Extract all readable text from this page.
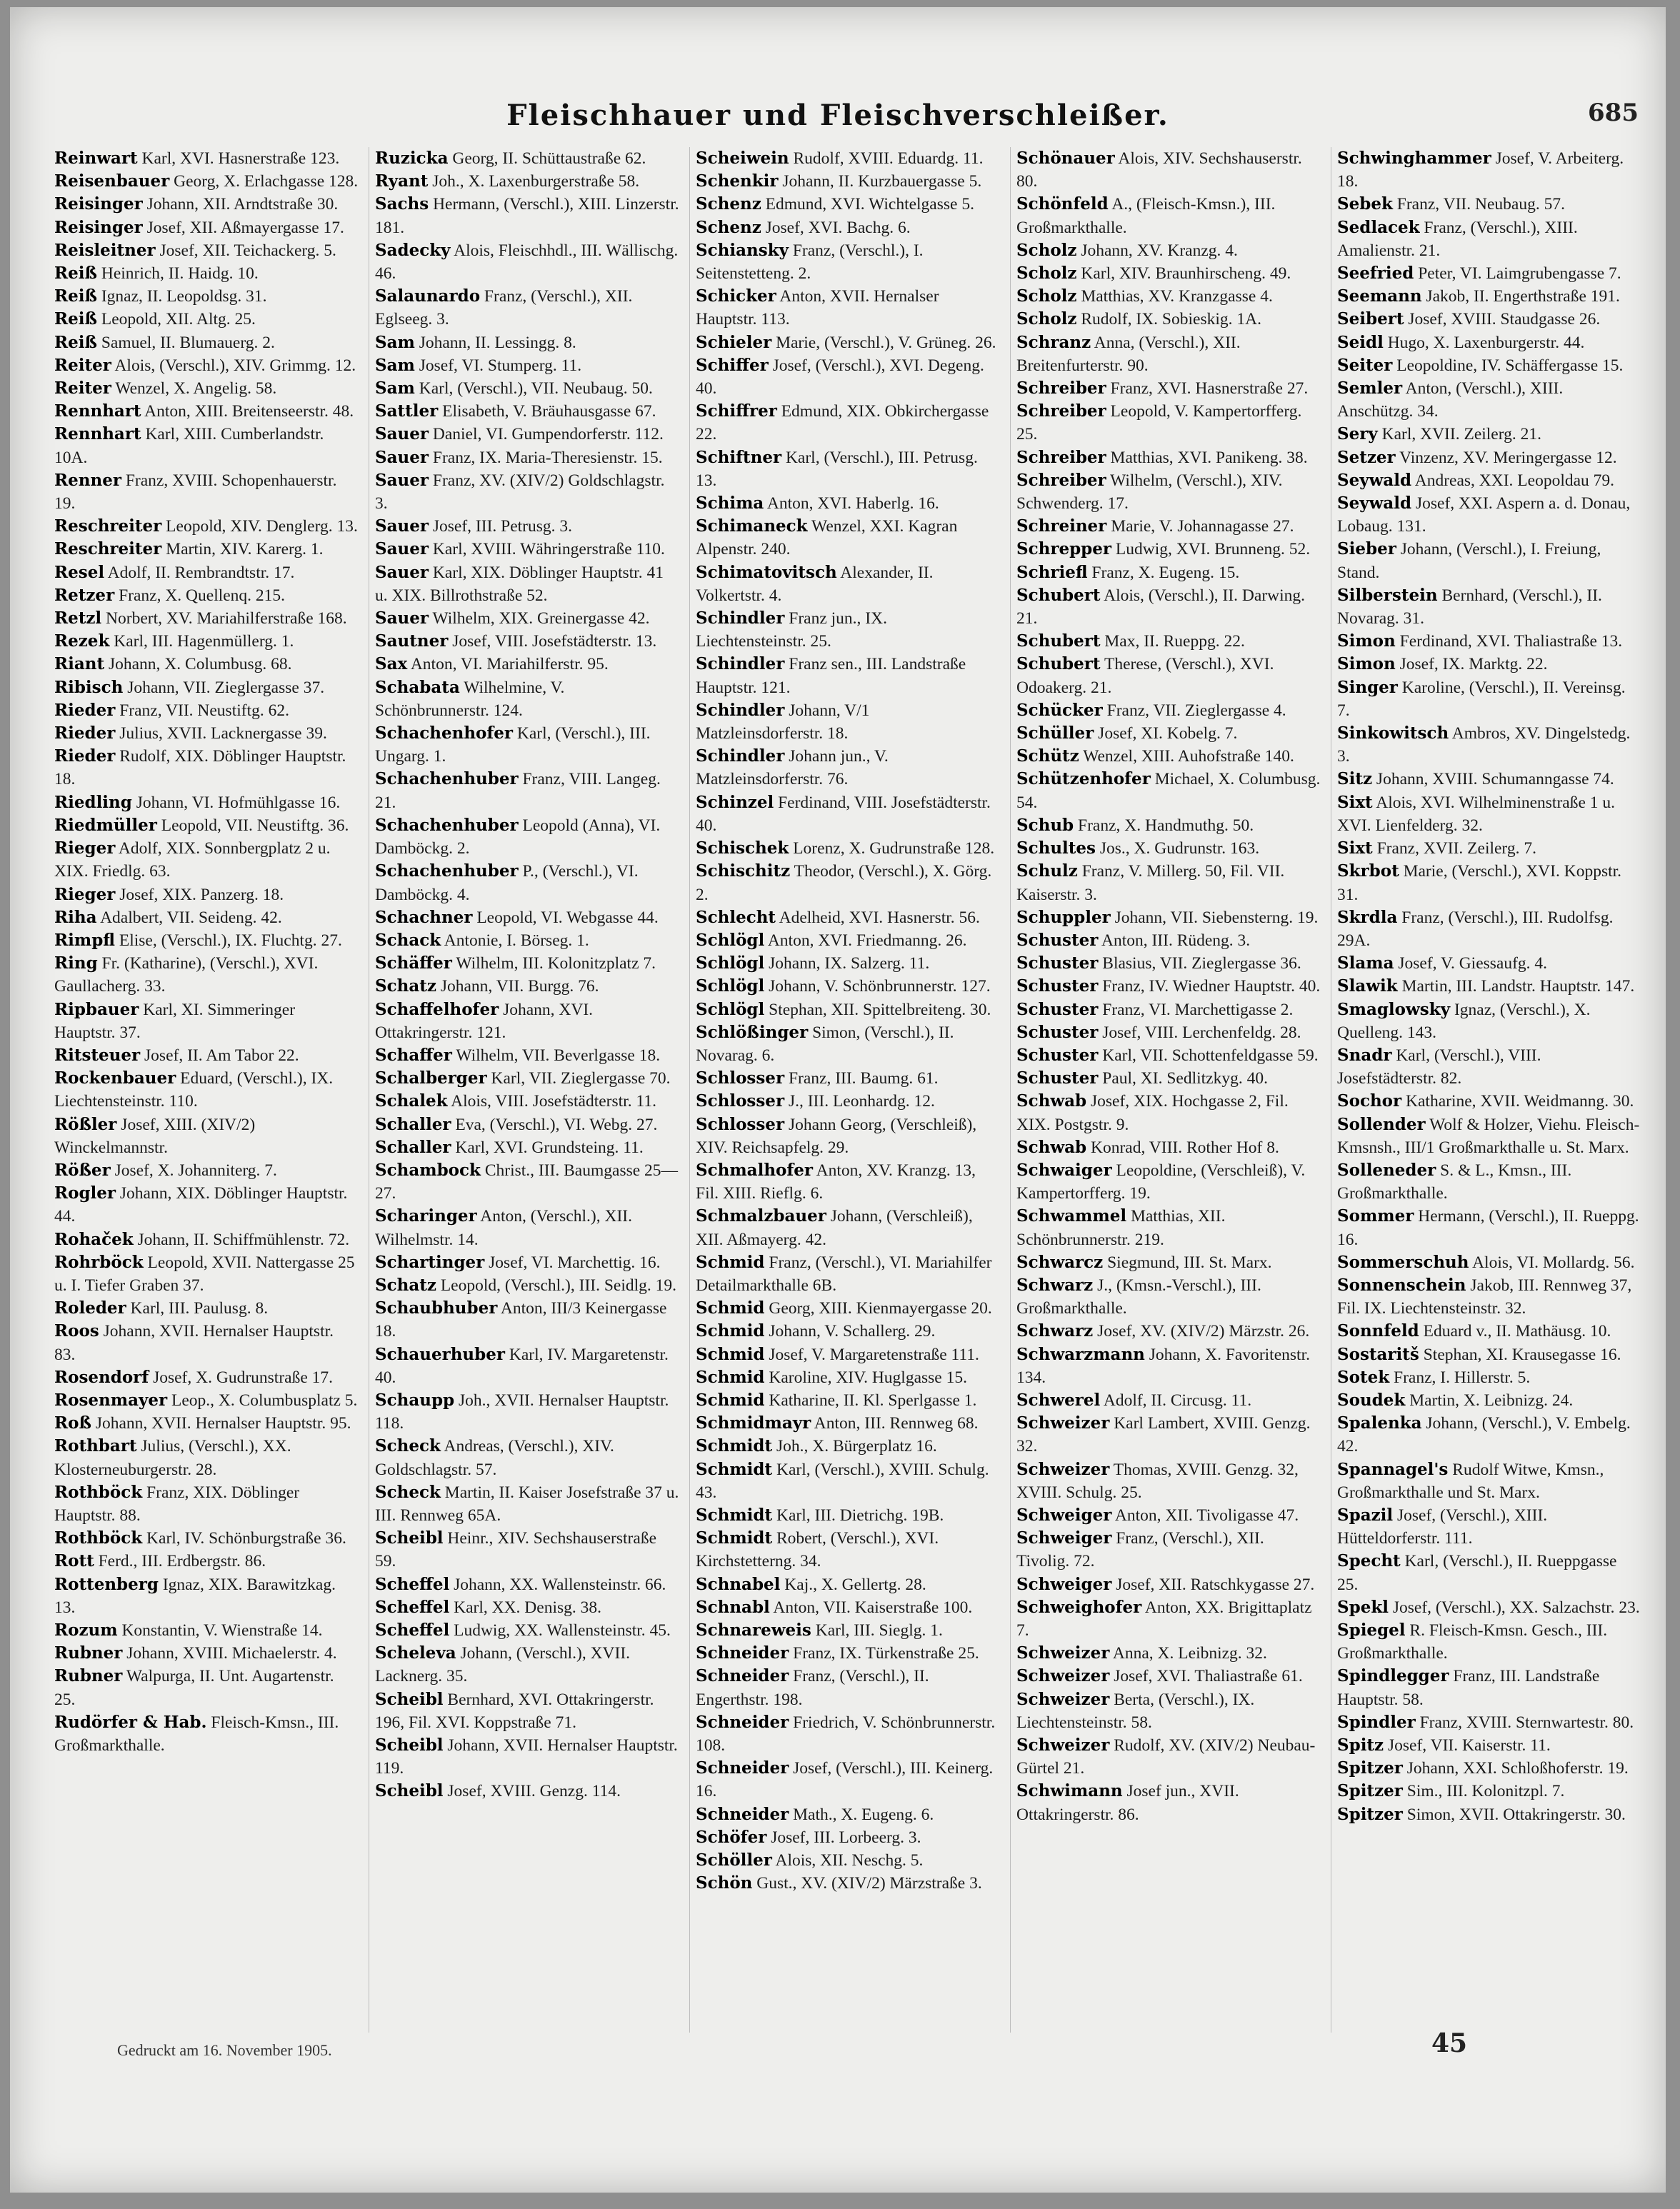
Fleischhauer und Fleischverschleißer.	685

Reinwart Karl, XVI. Hasnerstraße 123.

Reisenbauer Georg, X. Erlachgasse 128.

Reisinger Johann, XII. Arndtstraße 30.

Reisinger Josef, XII. Aßmayergasse 17.

Reisleitner Josef, XII. Teichackerg. 5.

Reiß Heinrich, II. Haidg. 10.

Reiß Ignaz, II. Leopoldsg. 31.

Reiß Leopold, XII. Altg. 25.

Reiß Samuel, II. Blumauerg. 2.

Reiter Alois, (Verschl.), XIV. Grimmg. 12.

Reiter Wenzel, X. Angelig. 58.

Rennhart Anton, XIII. Breitenseerstr. 48.

Rennhart Karl, XIII. Cumberlandstr. 10A.

Renner Franz, XVIII. Schopenhauerstr. 19.

Reschreiter Leopold, XIV. Denglerg. 13.

Reschreiter Martin, XIV. Karerg. 1.

Resel Adolf, II. Rembrandtstr. 17.

Retzer Franz, X. Quellenq. 215.

Retzl Norbert, XV. Mariahilferstraße 168.

Rezek Karl, III. Hagenmüllerg. 1.

Riant Johann, X. Columbusg. 68.

Ribisch Johann, VII. Zieglergasse 37.

Rieder Franz, VII. Neustiftg. 62.

Rieder Julius, XVII. Lacknergasse 39.

Rieder Rudolf, XIX. Döblinger Hauptstr. 18.

Riedling Johann, VI. Hofmühlgasse 16.

Riedmüller Leopold, VII. Neustiftg. 36.

Rieger Adolf, XIX. Sonnbergplatz 2 u. XIX. Friedlg. 63.

Rieger Josef, XIX. Panzerg. 18.

Riha Adalbert, VII. Seideng. 42.

Rimpfl Elise, (Verschl.), IX. Fluchtg. 27.

Ring Fr. (Katharine), (Verschl.), XVI. Gaullacherg. 33.

Ripbauer Karl, XI. Simmeringer Hauptstr. 37.

Ritsteuer Josef, II. Am Tabor 22.

Rockenbauer Eduard, (Verschl.), IX. Liechtensteinstr. 110.

Rößler Josef, XIII. (XIV/2) Winckelmannstr.

Rößer Josef, X. Johanniterg. 7.

Rogler Johann, XIX. Döblinger Hauptstr. 44.

Rohaček Johann, II. Schiffmühlenstr. 72.

Rohrböck Leopold, XVII. Nattergasse 25 u. I. Tiefer Graben 37.

Roleder Karl, III. Paulusg. 8.

Roos Johann, XVII. Hernalser Hauptstr. 83.

Rosendorf Josef, X. Gudrunstraße 17.

Rosenmayer Leop., X. Columbusplatz 5.

Roß Johann, XVII. Hernalser Hauptstr. 95.

Rothbart Julius, (Verschl.), XX. Klosterneuburgerstr. 28.

Rothböck Franz, XIX. Döblinger Hauptstr. 88.

Rothböck Karl, IV. Schönburgstraße 36.

Rott Ferd., III. Erdbergstr. 86.

Rottenberg Ignaz, XIX. Barawitzkag. 13.

Rozum Konstantin, V. Wienstraße 14.

Rubner Johann, XVIII. Michaelerstr. 4.

Rubner Walpurga, II. Unt. Augartenstr. 25.

Rudörfer & Hab. Fleisch-Kmsn., III. Großmarkthalle.

Ruzicka Georg, II. Schüttaustraße 62.

Ryant Joh., X. Laxenburgerstraße 58.

Sachs Hermann, (Verschl.), XIII. Linzerstr. 181.

Sadecky Alois, Fleischhdl., III. Wällischg. 46.

Salaunardo Franz, (Verschl.), XII. Eglseeg. 3.

Sam Johann, II. Lessingg. 8.

Sam Josef, VI. Stumperg. 11.

Sam Karl, (Verschl.), VII. Neubaug. 50.

Sattler Elisabeth, V. Bräuhausgasse 67.

Sauer Daniel, VI. Gumpendorferstr. 112.

Sauer Franz, IX. Maria-Theresienstr. 15.

Sauer Franz, XV. (XIV/2) Goldschlagstr. 3.

Sauer Josef, III. Petrusg. 3.

Sauer Karl, XVIII. Währingerstraße 110.

Sauer Karl, XIX. Döblinger Hauptstr. 41 u. XIX. Billrothstraße 52.

Sauer Wilhelm, XIX. Greinergasse 42.

Sautner Josef, VIII. Josefstädterstr. 13.

Sax Anton, VI. Mariahilferstr. 95.

Schabata Wilhelmine, V. Schönbrunnerstr. 124.

Schachenhofer Karl, (Verschl.), III. Ungarg. 1.

Schachenhuber Franz, VIII. Langeg. 21.

Schachenhuber Leopold (Anna), VI. Damböckg. 2.

Schachenhuber P., (Verschl.), VI. Damböckg. 4.

Schachner Leopold, VI. Webgasse 44.

Schack Antonie, I. Börseg. 1.

Schäffer Wilhelm, III. Kolonitzplatz 7.

Schatz Johann, VII. Burgg. 76.

Schaffelhofer Johann, XVI. Ottakringerstr. 121.

Schaffer Wilhelm, VII. Beverlgasse 18.

Schalberger Karl, VII. Zieglergasse 70.

Schalek Alois, VIII. Josefstädterstr. 11.

Schaller Eva, (Verschl.), VI. Webg. 27.

Schaller Karl, XVI. Grundsteing. 11.

Schambock Christ., III. Baumgasse 25—27.

Scharinger Anton, (Verschl.), XII. Wilhelmstr. 14.

Schartinger Josef, VI. Marchettig. 16.

Schatz Leopold, (Verschl.), III. Seidlg. 19.

Schaubhuber Anton, III/3 Keinergasse 18.

Schauerhuber Karl, IV. Margaretenstr. 40.

Schaupp Joh., XVII. Hernalser Hauptstr. 118.

Scheck Andreas, (Verschl.), XIV. Goldschlagstr. 57.

Scheck Martin, II. Kaiser Josefstraße 37 u. III. Rennweg 65A.

Scheibl Heinr., XIV. Sechshauserstraße 59.

Scheffel Johann, XX. Wallensteinstr. 66.

Scheffel Karl, XX. Denisg. 38.

Scheffel Ludwig, XX. Wallensteinstr. 45.

Scheleva Johann, (Verschl.), XVII. Lacknerg. 35.

Scheibl Bernhard, XVI. Ottakringerstr. 196, Fil. XVI. Koppstraße 71.

Scheibl Johann, XVII. Hernalser Hauptstr. 119.

Scheibl Josef, XVIII. Genzg. 114.

Scheiwein Rudolf, XVIII. Eduardg. 11.

Schenkir Johann, II. Kurzbauergasse 5.

Schenz Edmund, XVI. Wichtelgasse 5.

Schenz Josef, XVI. Bachg. 6.

Schiansky Franz, (Verschl.), I. Seitenstetteng. 2.

Schicker Anton, XVII. Hernalser Hauptstr. 113.

Schieler Marie, (Verschl.), V. Grüneg. 26.

Schiffer Josef, (Verschl.), XVI. Degeng. 40.

Schiffrer Edmund, XIX. Obkirchergasse 22.

Schiftner Karl, (Verschl.), III. Petrusg. 13.

Schima Anton, XVI. Haberlg. 16.

Schimaneck Wenzel, XXI. Kagran Alpenstr. 240.

Schimatovitsch Alexander, II. Volkertstr. 4.

Schindler Franz jun., IX. Liechtensteinstr. 25.

Schindler Franz sen., III. Landstraße Hauptstr. 121.

Schindler Johann, V/1 Matzleinsdorferstr. 18.

Schindler Johann jun., V. Matzleinsdorferstr. 76.

Schinzel Ferdinand, VIII. Josefstädterstr. 40.

Schischek Lorenz, X. Gudrunstraße 128.

Schischitz Theodor, (Verschl.), X. Görg. 2.

Schlecht Adelheid, XVI. Hasnerstr. 56.

Schlögl Anton, XVI. Friedmanng. 26.

Schlögl Johann, IX. Salzerg. 11.

Schlögl Johann, V. Schönbrunnerstr. 127.

Schlögl Stephan, XII. Spittelbreiteng. 30.

Schlößinger Simon, (Verschl.), II. Novarag. 6.

Schlosser Franz, III. Baumg. 61.

Schlosser J., III. Leonhardg. 12.

Schlosser Johann Georg, (Verschleiß), XIV. Reichsapfelg. 29.

Schmalhofer Anton, XV. Kranzg. 13, Fil. XIII. Rieflg. 6.

Schmalzbauer Johann, (Verschleiß), XII. Aßmayerg. 42.

Schmid Franz, (Verschl.), VI. Mariahilfer Detailmarkthalle 6B.

Schmid Georg, XIII. Kienmayergasse 20.

Schmid Johann, V. Schallerg. 29.

Schmid Josef, V. Margaretenstraße 111.

Schmid Karoline, XIV. Huglgasse 15.

Schmid Katharine, II. Kl. Sperlgasse 1.

Schmidmayr Anton, III. Rennweg 68.

Schmidt Joh., X. Bürgerplatz 16.

Schmidt Karl, (Verschl.), XVIII. Schulg. 43.

Schmidt Karl, III. Dietrichg. 19B.

Schmidt Robert, (Verschl.), XVI. Kirchstetterng. 34.

Schnabel Kaj., X. Gellertg. 28.

Schnabl Anton, VII. Kaiserstraße 100.

Schnareweis Karl, III. Sieglg. 1.

Schneider Franz, IX. Türkenstraße 25.

Schneider Franz, (Verschl.), II. Engerthstr. 198.

Schneider Friedrich, V. Schönbrunnerstr. 108.

Schneider Josef, (Verschl.), III. Keinerg. 16.

Schneider Math., X. Eugeng. 6.

Schöfer Josef, III. Lorbeerg. 3.

Schöller Alois, XII. Neschg. 5.

Schön Gust., XV. (XIV/2) Märzstraße 3.

Schönauer Alois, XIV. Sechshauserstr. 80.

Schönfeld A., (Fleisch-Kmsn.), III. Großmarkthalle.

Scholz Johann, XV. Kranzg. 4.

Scholz Karl, XIV. Braunhirscheng. 49.

Scholz Matthias, XV. Kranzgasse 4.

Scholz Rudolf, IX. Sobieskig. 1A.

Schranz Anna, (Verschl.), XII. Breitenfurterstr. 90.

Schreiber Franz, XVI. Hasnerstraße 27.

Schreiber Leopold, V. Kampertorfferg. 25.

Schreiber Matthias, XVI. Panikeng. 38.

Schreiber Wilhelm, (Verschl.), XIV. Schwenderg. 17.

Schreiner Marie, V. Johannagasse 27.

Schrepper Ludwig, XVI. Brunneng. 52.

Schriefl Franz, X. Eugeng. 15.

Schubert Alois, (Verschl.), II. Darwing. 21.

Schubert Max, II. Rueppg. 22.

Schubert Therese, (Verschl.), XVI. Odoakerg. 21.

Schücker Franz, VII. Zieglergasse 4.

Schüller Josef, XI. Kobelg. 7.

Schütz Wenzel, XIII. Auhofstraße 140.

Schützenhofer Michael, X. Columbusg. 54.

Schub Franz, X. Handmuthg. 50.

Schultes Jos., X. Gudrunstr. 163.

Schulz Franz, V. Millerg. 50, Fil. VII. Kaiserstr. 3.

Schuppler Johann, VII. Siebensterng. 19.

Schuster Anton, III. Rüdeng. 3.

Schuster Blasius, VII. Zieglergasse 36.

Schuster Franz, IV. Wiedner Hauptstr. 40.

Schuster Franz, VI. Marchettigasse 2.

Schuster Josef, VIII. Lerchenfeldg. 28.

Schuster Karl, VII. Schottenfeldgasse 59.

Schuster Paul, XI. Sedlitzkyg. 40.

Schwab Josef, XIX. Hochgasse 2, Fil. XIX. Postgstr. 9.

Schwab Konrad, VIII. Rother Hof 8.

Schwaiger Leopoldine, (Verschleiß), V. Kampertorfferg. 19.

Schwammel Matthias, XII. Schönbrunnerstr. 219.

Schwarcz Siegmund, III. St. Marx.

Schwarz J., (Kmsn.-Verschl.), III. Großmarkthalle.

Schwarz Josef, XV. (XIV/2) Märzstr. 26.

Schwarzmann Johann, X. Favoritenstr. 134.

Schwerel Adolf, II. Circusg. 11.

Schweizer Karl Lambert, XVIII. Genzg. 32.

Schweizer Thomas, XVIII. Genzg. 32, XVIII. Schulg. 25.

Schweiger Anton, XII. Tivoligasse 47.

Schweiger Franz, (Verschl.), XII. Tivolig. 72.

Schweiger Josef, XII. Ratschkygasse 27.

Schweighofer Anton, XX. Brigittaplatz 7.

Schweizer Anna, X. Leibnizg. 32.

Schweizer Josef, XVI. Thaliastraße 61.

Schweizer Berta, (Verschl.), IX. Liechtensteinstr. 58.

Schweizer Rudolf, XV. (XIV/2) Neubau-Gürtel 21.

Schwimann Josef jun., XVII. Ottakringerstr. 86.

Schwinghammer Josef, V. Arbeiterg. 18.

Sebek Franz, VII. Neubaug. 57.

Sedlacek Franz, (Verschl.), XIII. Amalienstr. 21.

Seefried Peter, VI. Laimgrubengasse 7.

Seemann Jakob, II. Engerthstraße 191.

Seibert Josef, XVIII. Staudgasse 26.

Seidl Hugo, X. Laxenburgerstr. 44.

Seiter Leopoldine, IV. Schäffergasse 15.

Semler Anton, (Verschl.), XIII. Anschützg. 34.

Sery Karl, XVII. Zeilerg. 21.

Setzer Vinzenz, XV. Meringergasse 12.

Seywald Andreas, XXI. Leopoldau 79.

Seywald Josef, XXI. Aspern a. d. Donau, Lobaug. 131.

Sieber Johann, (Verschl.), I. Freiung, Stand.

Silberstein Bernhard, (Verschl.), II. Novarag. 31.

Simon Ferdinand, XVI. Thaliastraße 13.

Simon Josef, IX. Marktg. 22.

Singer Karoline, (Verschl.), II. Vereinsg. 7.

Sinkowitsch Ambros, XV. Dingelstedg. 3.

Sitz Johann, XVIII. Schumanngasse 74.

Sixt Alois, XVI. Wilhelminenstraße 1 u. XVI. Lienfelderg. 32.

Sixt Franz, XVII. Zeilerg. 7.

Skrbot Marie, (Verschl.), XVI. Koppstr. 31.

Skrdla Franz, (Verschl.), III. Rudolfsg. 29A.

Slama Josef, V. Giessaufg. 4.

Slawik Martin, III. Landstr. Hauptstr. 147.

Smaglowsky Ignaz, (Verschl.), X. Quelleng. 143.

Snadr Karl, (Verschl.), VIII. Josefstädterstr. 82.

Sochor Katharine, XVII. Weidmanng. 30.

Sollender Wolf & Holzer, Viehu. Fleisch-Kmsnsh., III/1 Großmarkthalle u. St. Marx.

Solleneder S. & L., Kmsn., III. Großmarkthalle.

Sommer Hermann, (Verschl.), II. Rueppg. 16.

Sommerschuh Alois, VI. Mollardg. 56.

Sonnenschein Jakob, III. Rennweg 37, Fil. IX. Liechtensteinstr. 32.

Sonnfeld Eduard v., II. Mathäusg. 10.

Sostaritš Stephan, XI. Krausegasse 16.

Sotek Franz, I. Hillerstr. 5.

Soudek Martin, X. Leibnizg. 24.

Spalenka Johann, (Verschl.), V. Embelg. 42.

Spannagel's Rudolf Witwe, Kmsn., Großmarkthalle und St. Marx.

Spazil Josef, (Verschl.), XIII. Hütteldorferstr. 111.

Specht Karl, (Verschl.), II. Rueppgasse 25.

Spekl Josef, (Verschl.), XX. Salzachstr. 23.

Spiegel R. Fleisch-Kmsn. Gesch., III. Großmarkthalle.

Spindlegger Franz, III. Landstraße Hauptstr. 58.

Spindler Franz, XVIII. Sternwartestr. 80.

Spitz Josef, VII. Kaiserstr. 11.

Spitzer Johann, XXI. Schloßhoferstr. 19.

Spitzer Sim., III. Kolonitzpl. 7.

Spitzer Simon, XVII. Ottakringerstr. 30.

Gedruckt am 16. November 1905.	45
